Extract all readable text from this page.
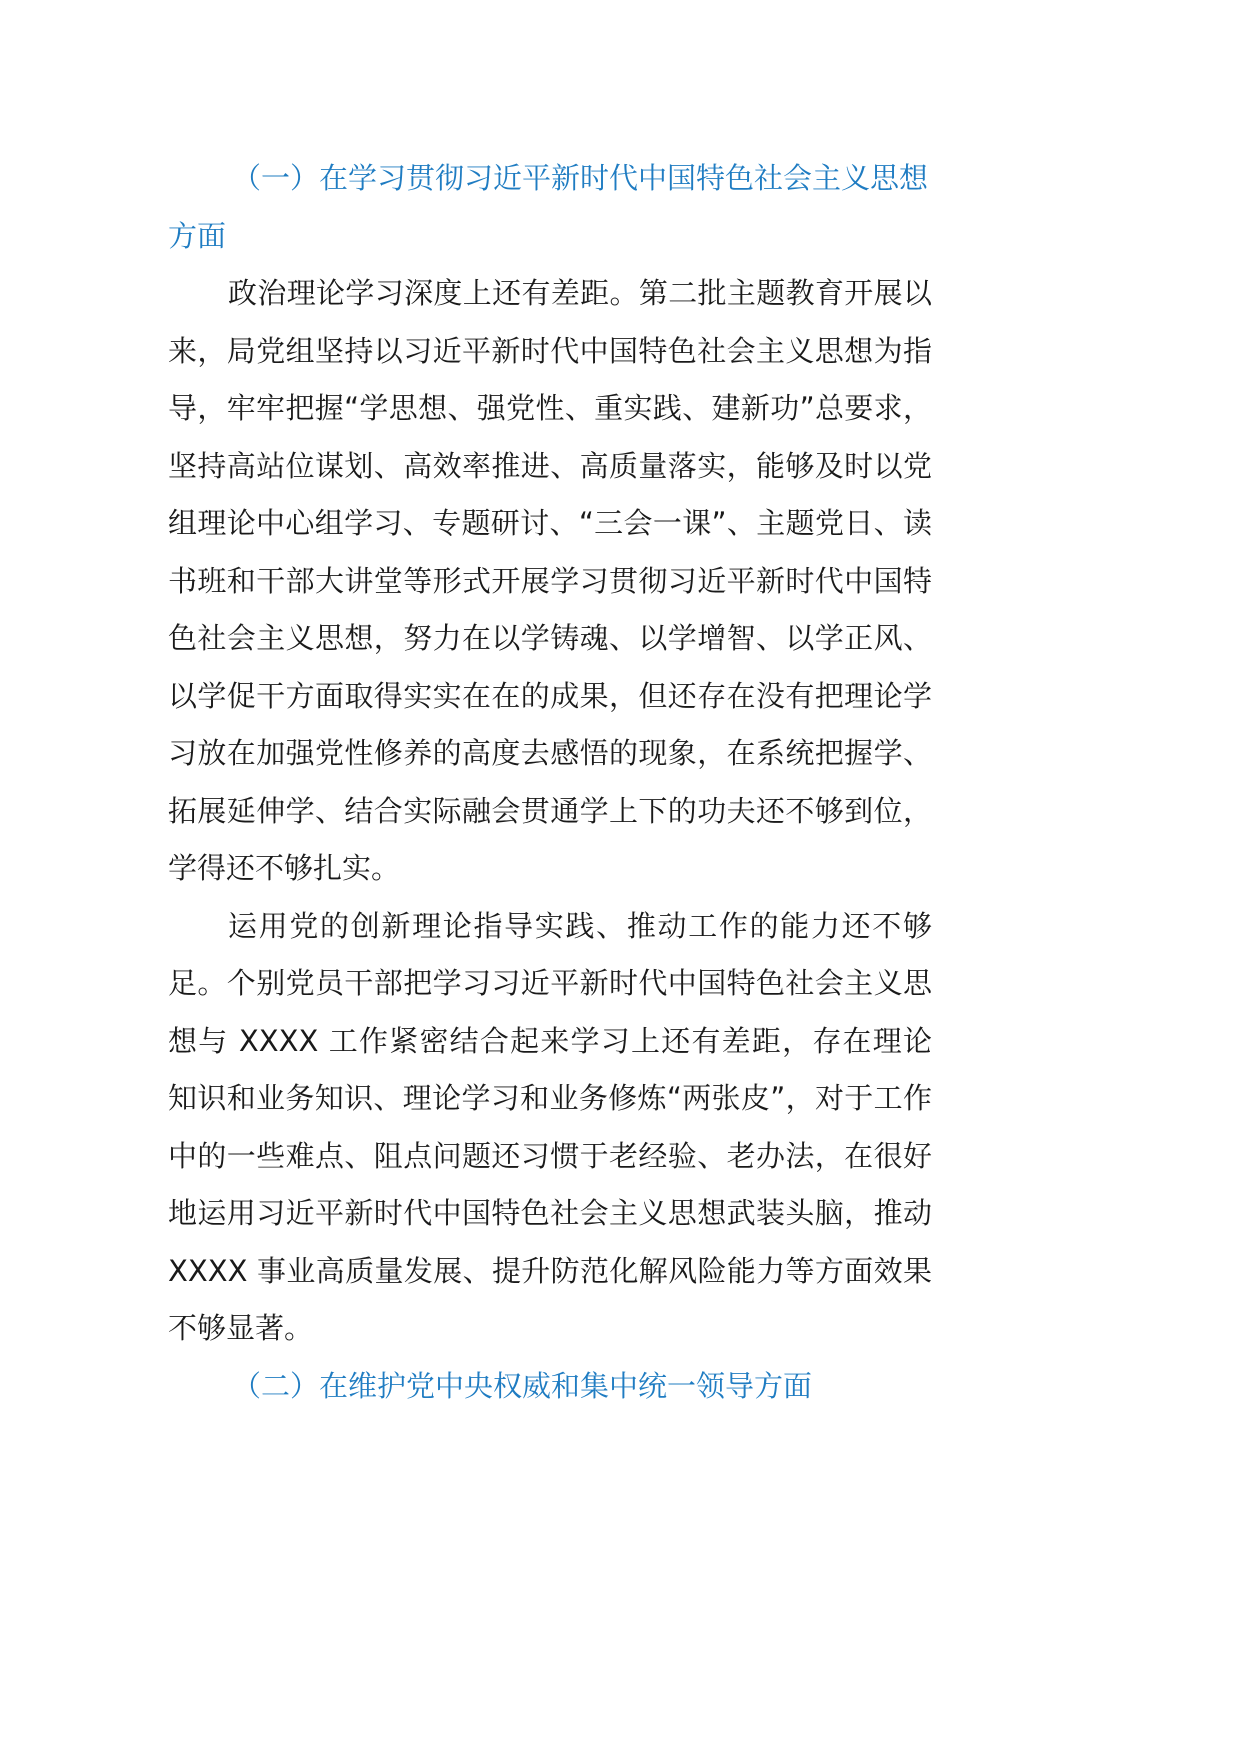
（一）在学习贯彻习近平新时代中国特色社会主义思想方面

政治理论学习深度上还有差距。第二批主题教育开展以来，局党组坚持以习近平新时代中国特色社会主义思想为指导，牢牢把握“学思想、强党性、重实践、建新功”总要求，坚持高站位谋划、高效率推进、高质量落实，能够及时以党组理论中心组学习、专题研讨、“三会一课”、主题党日、读书班和干部大讲堂等形式开展学习贯彻习近平新时代中国特色社会主义思想，努力在以学铸魂、以学增智、以学正风、以学促干方面取得实实在在的成果，但还存在没有把理论学习放在加强党性修养的高度去感悟的现象，在系统把握学、拓展延伸学、结合实际融会贯通学上下的功夫还不够到位，学得还不够扎实。

运用党的创新理论指导实践、推动工作的能力还不够足。个别党员干部把学习习近平新时代中国特色社会主义思想与 XXXX 工作紧密结合起来学习上还有差距，存在理论知识和业务知识、理论学习和业务修炼“两张皮”，对于工作中的一些难点、阻点问题还习惯于老经验、老办法，在很好地运用习近平新时代中国特色社会主义思想武装头脑，推动 XXXX 事业高质量发展、提升防范化解风险能力等方面效果不够显著。

（二）在维护党中央权威和集中统一领导方面
